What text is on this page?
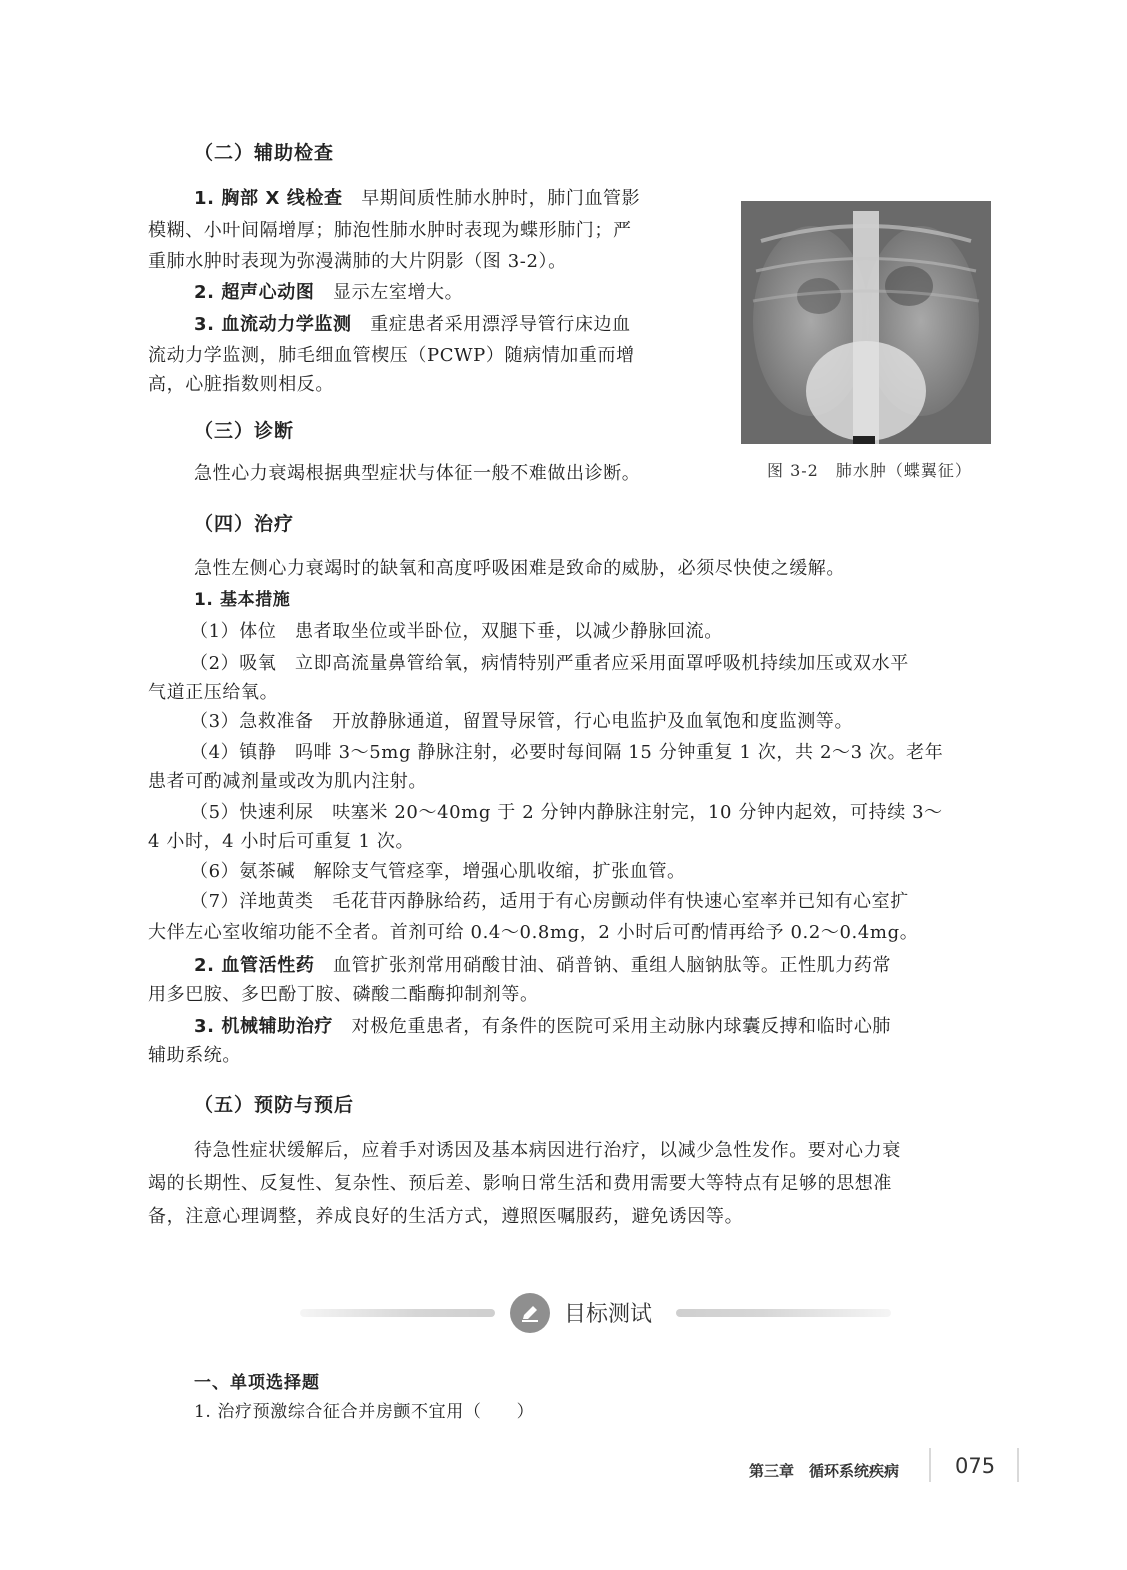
（二）辅助检查
1. 胸部 X 线检查　 早期间质性肺水肿时，肺门血管影
模糊、小叶间隔增厚；肺泡性肺水肿时表现为蝶形肺门；严
重肺水肿时表现为弥漫满肺的大片阴影（图 3-2）。
2. 超声心动图　 显示左室增大。
3. 血流动力学监测　 重症患者采用漂浮导管行床边血
流动力学监测，肺毛细血管楔压（PCWP）随病情加重而增
高，心脏指数则相反。
图 3-2　肺水肿（蝶翼征）
（三）诊断
急性心力衰竭根据典型症状与体征一般不难做出诊断。
（四）治疗
急性左侧心力衰竭时的缺氧和高度呼吸困难是致命的威胁，必须尽快使之缓解。
1. 基本措施
（1）体位　患者取坐位或半卧位，双腿下垂，以减少静脉回流。
（2）吸氧　立即高流量鼻管给氧，病情特别严重者应采用面罩呼吸机持续加压或双水平
气道正压给氧。
（3）急救准备　开放静脉通道，留置导尿管，行心电监护及血氧饱和度监测等。
（4）镇静　吗啡 3～5mg 静脉注射，必要时每间隔 15 分钟重复 1 次，共 2～3 次。老年
患者可酌减剂量或改为肌内注射。
（5）快速利尿　呋塞米 20～40mg 于 2 分钟内静脉注射完，10 分钟内起效，可持续 3～
4 小时，4 小时后可重复 1 次。
（6）氨茶碱　解除支气管痉挛，增强心肌收缩，扩张血管。
（7）洋地黄类　毛花苷丙静脉给药，适用于有心房颤动伴有快速心室率并已知有心室扩
大伴左心室收缩功能不全者。首剂可给 0.4～0.8mg，2 小时后可酌情再给予 0.2～0.4mg。
2. 血管活性药　 血管扩张剂常用硝酸甘油、硝普钠、重组人脑钠肽等。正性肌力药常
用多巴胺、多巴酚丁胺、磷酸二酯酶抑制剂等。
3. 机械辅助治疗　 对极危重患者，有条件的医院可采用主动脉内球囊反搏和临时心肺
辅助系统。
（五）预防与预后
待急性症状缓解后，应着手对诱因及基本病因进行治疗，以减少急性发作。要对心力衰
竭的长期性、反复性、复杂性、预后差、影响日常生活和费用需要大等特点有足够的思想准
备，注意心理调整，养成良好的生活方式，遵照医嘱服药，避免诱因等。
目标测试
一、单项选择题
1. 治疗预激综合征合并房颤不宜用（　　）
第三章　循环系统疾病	075
